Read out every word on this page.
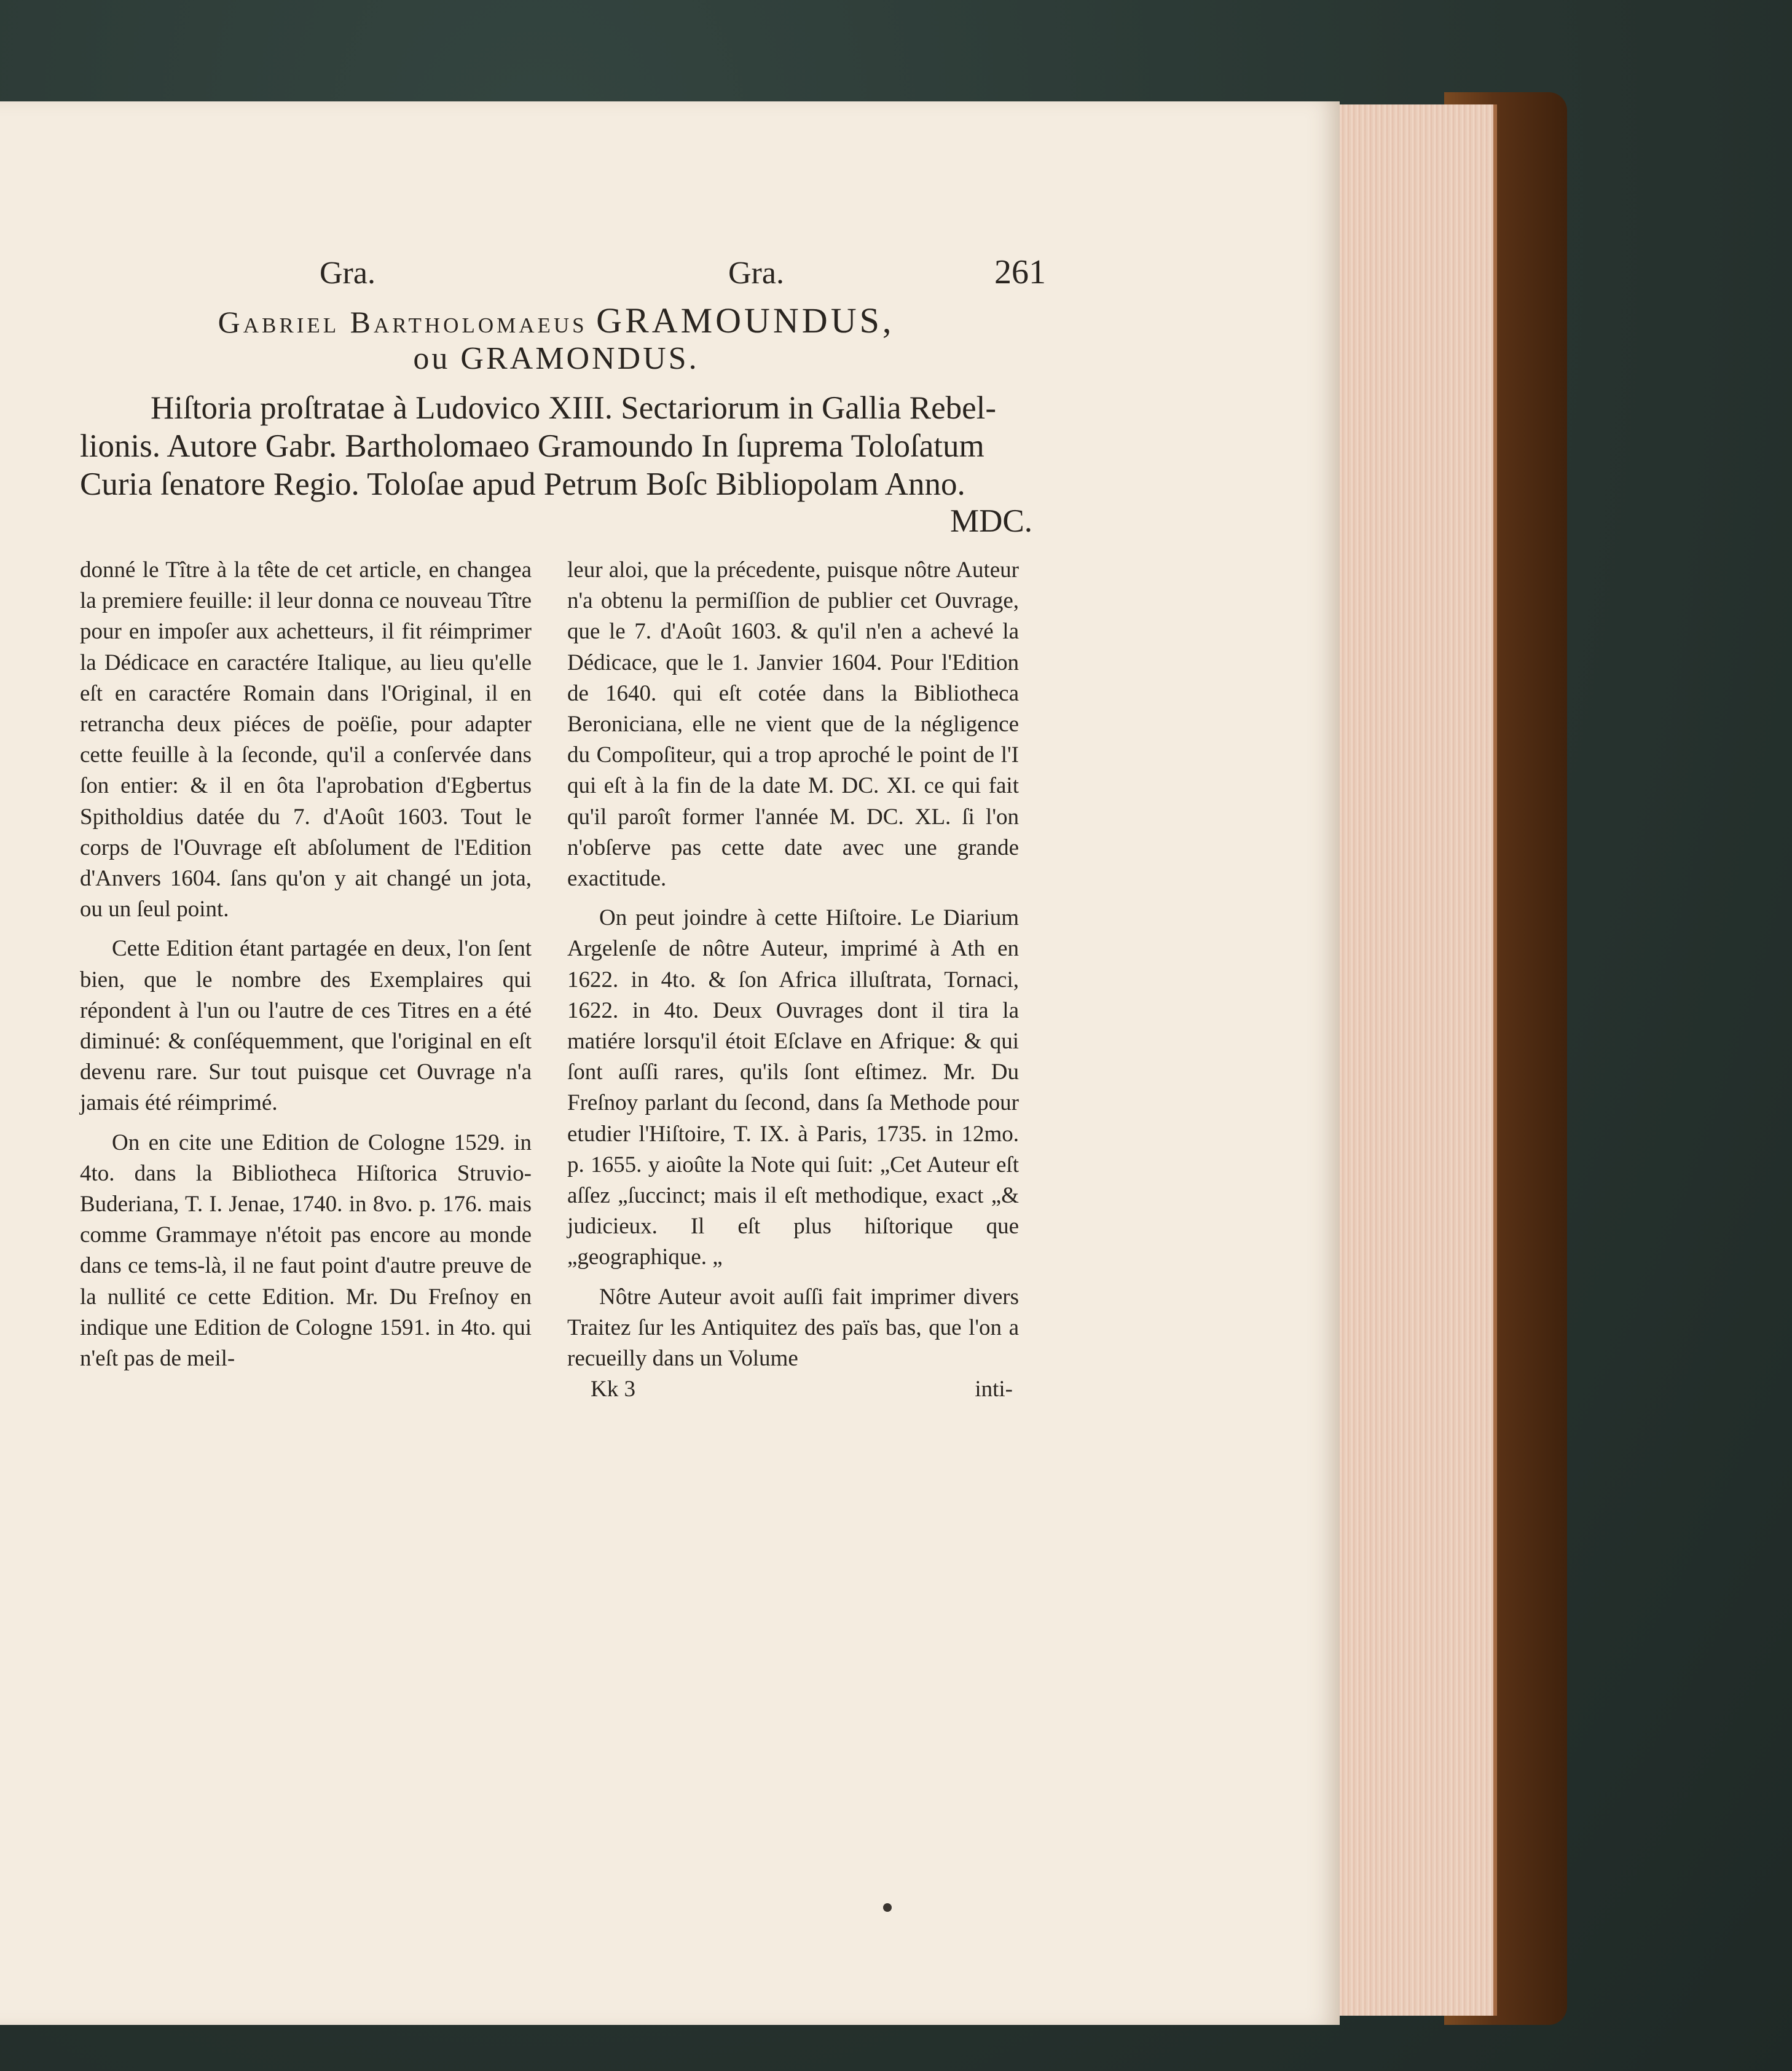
Gra.	Gra.	261
Gabriel Bartholomaeus GRAMOUNDUS,
ou GRAMONDUS.
Hiſtoria proſtratae à Ludovico XIII. Sectariorum in Gallia Rebel-
lionis. Autore Gabr. Bartholomaeo Gramoundo In ſuprema Toloſatum
Curia ſenatore Regio. Toloſae apud Petrum Boſc Bibliopolam Anno.
MDC.

donné le Tître à la tête de cet article, en changea la premiere feuille: il leur donna ce nouveau Tître pour en impoſer aux achetteurs, il fit réimprimer la Dédicace en caractére Italique, au lieu qu'elle eſt en caractére Romain dans l'Original, il en retrancha deux piéces de poëſie, pour adapter cette feuille à la ſeconde, qu'il a conſervée dans ſon entier: & il en ôta l'aprobation d'Egbertus Spitholdius datée du 7. d'Août 1603. Tout le corps de l'Ouvrage eſt abſolument de l'Edition d'Anvers 1604. ſans qu'on y ait changé un jota, ou un ſeul point.

Cette Edition étant partagée en deux, l'on ſent bien, que le nombre des Exemplaires qui répondent à l'un ou l'autre de ces Titres en a été diminué: & conſéquemment, que l'original en eſt devenu rare. Sur tout puisque cet Ouvrage n'a jamais été réimprimé.

On en cite une Edition de Cologne 1529. in 4to. dans la Bibliotheca Hiſtorica Struvio-Buderiana, T. I. Jenae, 1740. in 8vo. p. 176. mais comme Grammaye n'étoit pas encore au monde dans ce tems-là, il ne faut point d'autre preuve de la nullité ce cette Edition. Mr. Du Freſnoy en indique une Edition de Cologne 1591. in 4to. qui n'eſt pas de meil-

leur aloi, que la précedente, puisque nôtre Auteur n'a obtenu la permiſſion de publier cet Ouvrage, que le 7. d'Août 1603. & qu'il n'en a achevé la Dédicace, que le 1. Janvier 1604. Pour l'Edition de 1640. qui eſt cotée dans la Bibliotheca Beroniciana, elle ne vient que de la négligence du Compoſiteur, qui a trop aproché le point de l'I qui eſt à la fin de la date M. DC. XI. ce qui fait qu'il paroît former l'année M. DC. XL. ſi l'on n'obſerve pas cette date avec une grande exactitude.

On peut joindre à cette Hiſtoire. Le Diarium Argelenſe de nôtre Auteur, imprimé à Ath en 1622. in 4to. & ſon Africa illuſtrata, Tornaci, 1622. in 4to. Deux Ouvrages dont il tira la matiére lorsqu'il étoit Eſclave en Afrique: & qui ſont auſſi rares, qu'ils ſont eſtimez. Mr. Du Freſnoy parlant du ſecond, dans ſa Methode pour etudier l'Hiſtoire, T. IX. à Paris, 1735. in 12mo. p. 1655. y aioûte la Note qui ſuit: „Cet Auteur eſt aſſez „ſuccinct; mais il eſt methodique, exact „& judicieux. Il eſt plus hiſtorique que „geographique. „

Nôtre Auteur avoit auſſi fait imprimer divers Traitez ſur les Antiquitez des païs bas, que l'on a recueilly dans un Volume

Kk 3	inti-
